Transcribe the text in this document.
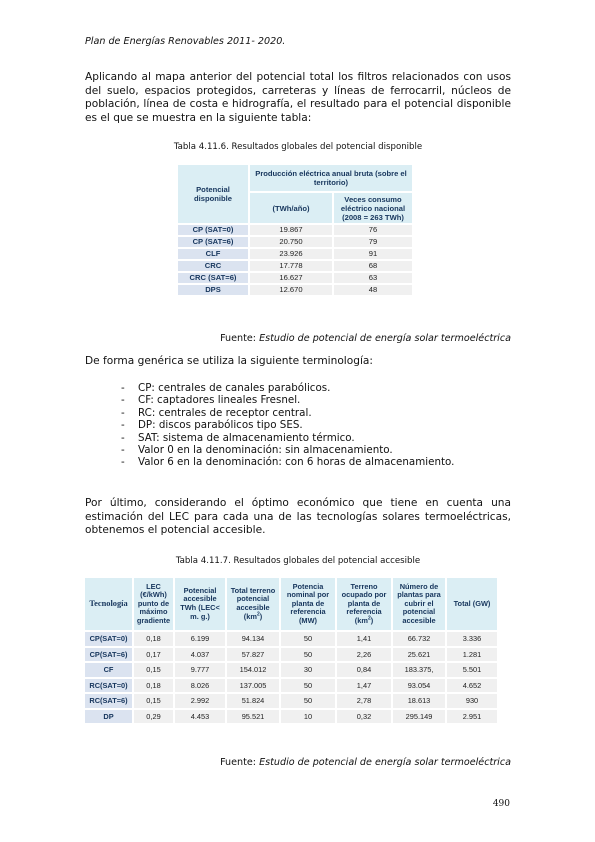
Plan de Energías Renovables 2011- 2020.

Aplicando al mapa anterior del potencial total los filtros relacionados con usos del suelo, espacios protegidos, carreteras y líneas de ferrocarril, núcleos de población, línea de costa e hidrografía, el resultado para el potencial disponible es el que se muestra en la siguiente tabla:

Tabla 4.11.6. Resultados globales del potencial disponible
Potencial disponible	Producción eléctrica anual bruta (sobre el territorio)	
	(TWh/año)	Veces consumo eléctrico nacional (2008 = 263 TWh)
CP (SAT=0)	19.867	76
CP (SAT=6)	20.750	79
CLF	23.926	91
CRC	17.778	68
CRC (SAT=6)	16.627	63
DPS	12.670	48
Fuente: Estudio de potencial de energía solar termoeléctrica

De forma genérica se utiliza la siguiente terminología:

- CP: centrales de canales parabólicos.
- CF: captadores lineales Fresnel.
- RC: centrales de receptor central.
- DP: discos parabólicos tipo SES.
- SAT: sistema de almacenamiento térmico.
- Valor 0 en la denominación: sin almacenamiento.
- Valor 6 en la denominación: con 6 horas de almacenamiento.

Por último, considerando el óptimo económico que tiene en cuenta una estimación del LEC para cada una de las tecnologías solares termoeléctricas, obtenemos el potencial accesible.

Tabla 4.11.7. Resultados globales del potencial accesible
Tecnología	LEC (€/kWh) punto de máximo gradiente	Potencial accesible TWh (LEC< m. g.)	Total terreno potencial accesible $(km^2)$	Potencia nominal por planta de referencia (MW)	Terreno ocupado por planta de referencia $(km^2)$	Número de plantas para cubrir el potencial accesible	Total (GW)
CP(SAT=0)	0,18	6.199	94.134	50	1,41	66.732	3.336
CP(SAT=6)	0,17	4.037	57.827	50	2,26	25.621	1.281
CF	0,15	9.777	154.012	30	0,84	183.375,	5.501
RC(SAT=0)	0,18	8.026	137.005	50	1,47	93.054	4.652
RC(SAT=6)	0,15	2.992	51.824	50	2,78	18.613	930
DP	0,29	4.453	95.521	10	0,32	295.149	2.951
Fuente: Estudio de potencial de energía solar termoeléctrica
490
